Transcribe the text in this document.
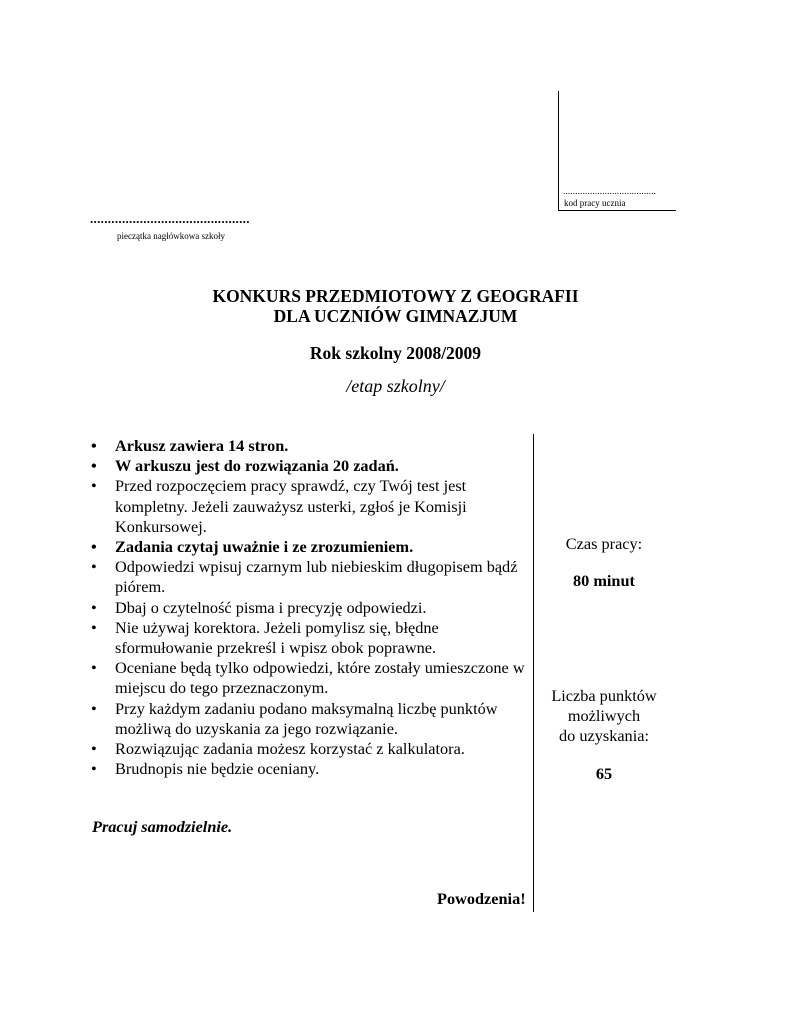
......................................
kod pracy ucznia
.............................................
pieczątka nagłówkowa szkoły
KONKURS PRZEDMIOTOWY Z GEOGRAFII
DLA UCZNIÓW GIMNAZJUM
Rok szkolny 2008/2009
/etap szkolny/
• Arkusz zawiera 14 stron.
• W arkuszu jest do rozwiązania 20 zadań.
• Przed rozpoczęciem pracy sprawdź, czy Twój test jest kompletny. Jeżeli zauważysz usterki, zgłoś je Komisji Konkursowej.
• Zadania czytaj uważnie i ze zrozumieniem.
• Odpowiedzi wpisuj czarnym lub niebieskim długopisem bądź piórem.
• Dbaj o czytelność pisma i precyzję odpowiedzi.
• Nie używaj korektora. Jeżeli pomylisz się, błędne sformułowanie przekreśl i wpisz obok poprawne.
• Oceniane będą tylko odpowiedzi, które zostały umieszczone w miejscu do tego przeznaczonym.
• Przy każdym zadaniu podano maksymalną liczbę punktów możliwą do uzyskania za jego rozwiązanie.
• Rozwiązując zadania możesz korzystać z kalkulatora.
• Brudnopis nie będzie oceniany.
Pracuj samodzielnie.
Powodzenia!
Czas pracy:
80 minut
Liczba punktów
możliwych
do uzyskania:
65
